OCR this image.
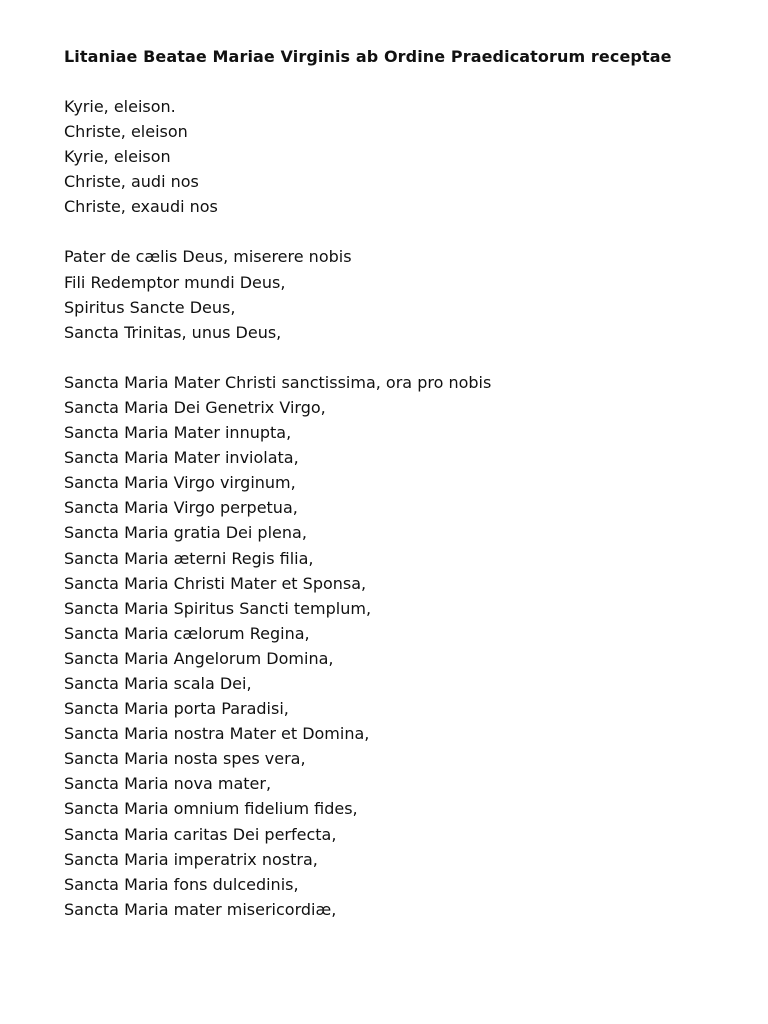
Litaniae Beatae Mariae Virginis ab Ordine Praedicatorum receptae
Kyrie, eleison.
Christe, eleison
Kyrie, eleison
Christe, audi nos
Christe, exaudi nos
Pater de cælis Deus, miserere nobis
Fili Redemptor mundi Deus,
Spiritus Sancte Deus,
Sancta Trinitas, unus Deus,
Sancta Maria Mater Christi sanctissima, ora pro nobis
Sancta Maria Dei Genetrix Virgo,
Sancta Maria Mater innupta,
Sancta Maria Mater inviolata,
Sancta Maria Virgo virginum,
Sancta Maria Virgo perpetua,
Sancta Maria gratia Dei plena,
Sancta Maria æterni Regis filia,
Sancta Maria Christi Mater et Sponsa,
Sancta Maria Spiritus Sancti templum,
Sancta Maria cælorum Regina,
Sancta Maria Angelorum Domina,
Sancta Maria scala Dei,
Sancta Maria porta Paradisi,
Sancta Maria nostra Mater et Domina,
Sancta Maria nosta spes vera,
Sancta Maria nova mater,
Sancta Maria omnium fidelium fides,
Sancta Maria caritas Dei perfecta,
Sancta Maria imperatrix nostra,
Sancta Maria fons dulcedinis,
Sancta Maria mater misericordiæ,
